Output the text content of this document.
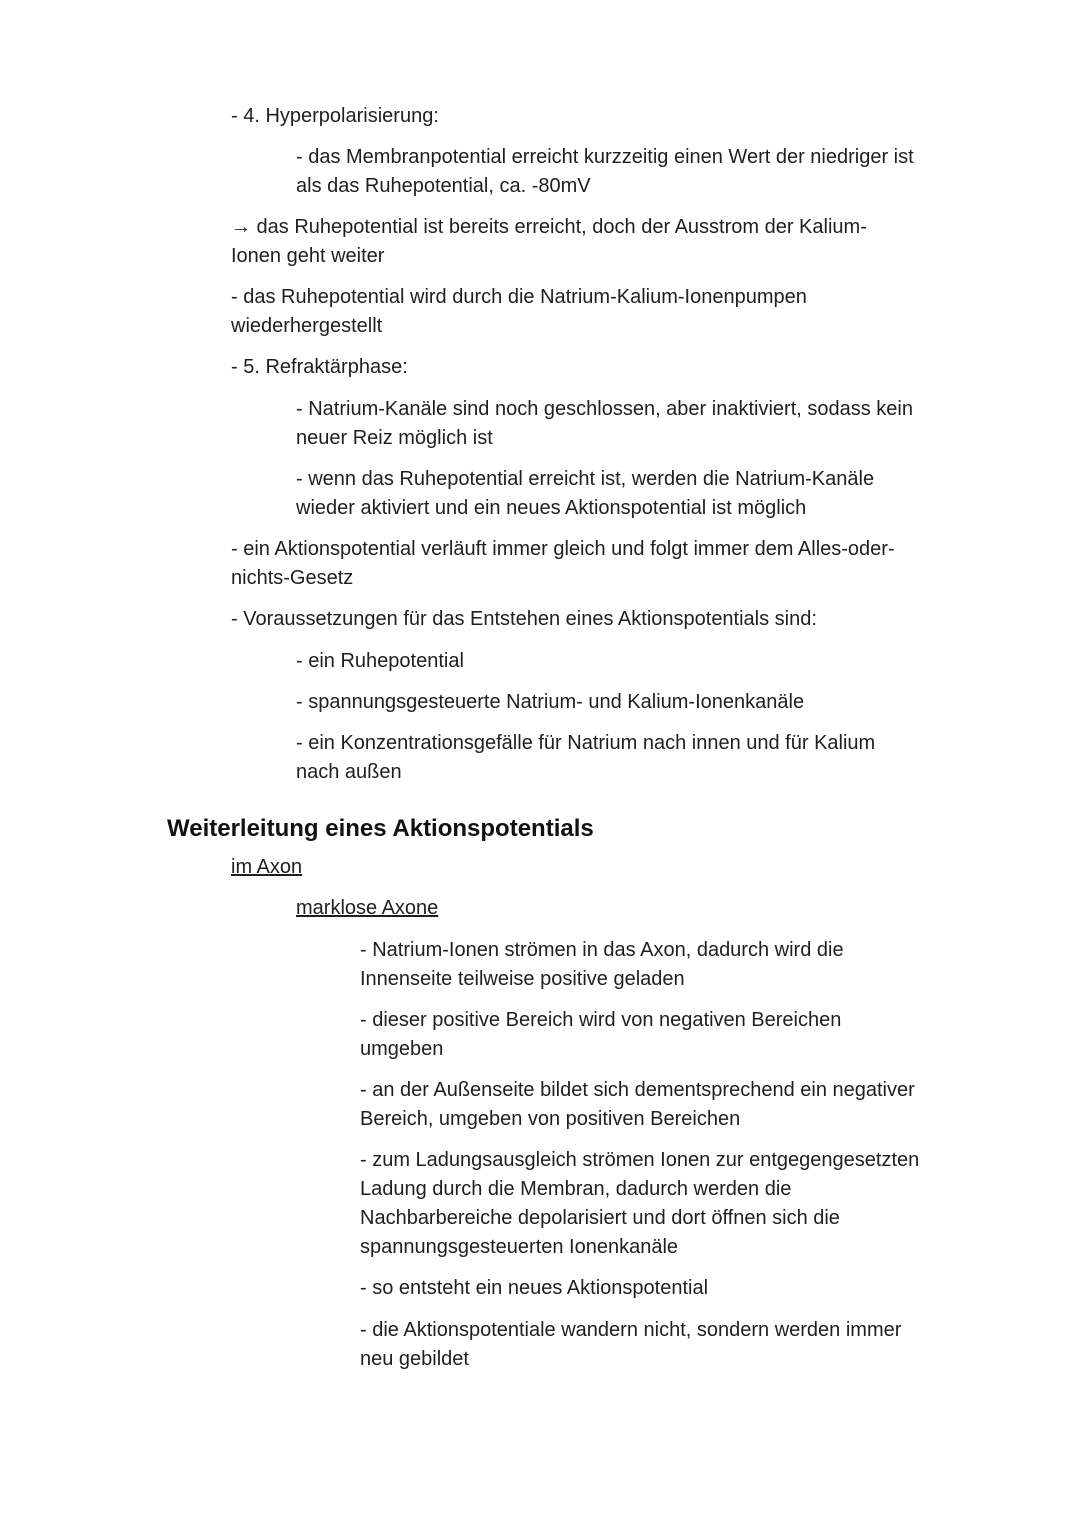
- 4. Hyperpolarisierung:

- das Membranpotential erreicht kurzzeitig einen Wert der niedriger ist

als das Ruhepotential, ca. -80mV

→ das Ruhepotential ist bereits erreicht, doch der Ausstrom der Kalium-

Ionen geht weiter

- das Ruhepotential wird durch die Natrium-Kalium-Ionenpumpen

wiederhergestellt

- 5. Refraktärphase:

- Natrium-Kanäle sind noch geschlossen, aber inaktiviert, sodass kein

neuer Reiz möglich ist

- wenn das Ruhepotential erreicht ist, werden die Natrium-Kanäle

wieder aktiviert und ein neues Aktionspotential ist möglich

- ein Aktionspotential verläuft immer gleich und folgt immer dem Alles-oder-

nichts-Gesetz

- Voraussetzungen für das Entstehen eines Aktionspotentials sind:

- ein Ruhepotential

- spannungsgesteuerte Natrium- und Kalium-Ionenkanäle

- ein Konzentrationsgefälle für Natrium nach innen und für Kalium

nach außen

Weiterleitung eines Aktionspotentials

im Axon

marklose Axone

- Natrium-Ionen strömen in das Axon, dadurch wird die

Innenseite teilweise positive geladen

- dieser positive Bereich wird von negativen Bereichen

umgeben

- an der Außenseite bildet sich dementsprechend ein negativer

Bereich, umgeben von positiven Bereichen

- zum Ladungsausgleich strömen Ionen zur entgegengesetzten

Ladung durch die Membran, dadurch werden die

Nachbarbereiche depolarisiert und dort öffnen sich die

spannungsgesteuerten Ionenkanäle

- so entsteht ein neues Aktionspotential

- die Aktionspotentiale wandern nicht, sondern werden immer

neu gebildet
